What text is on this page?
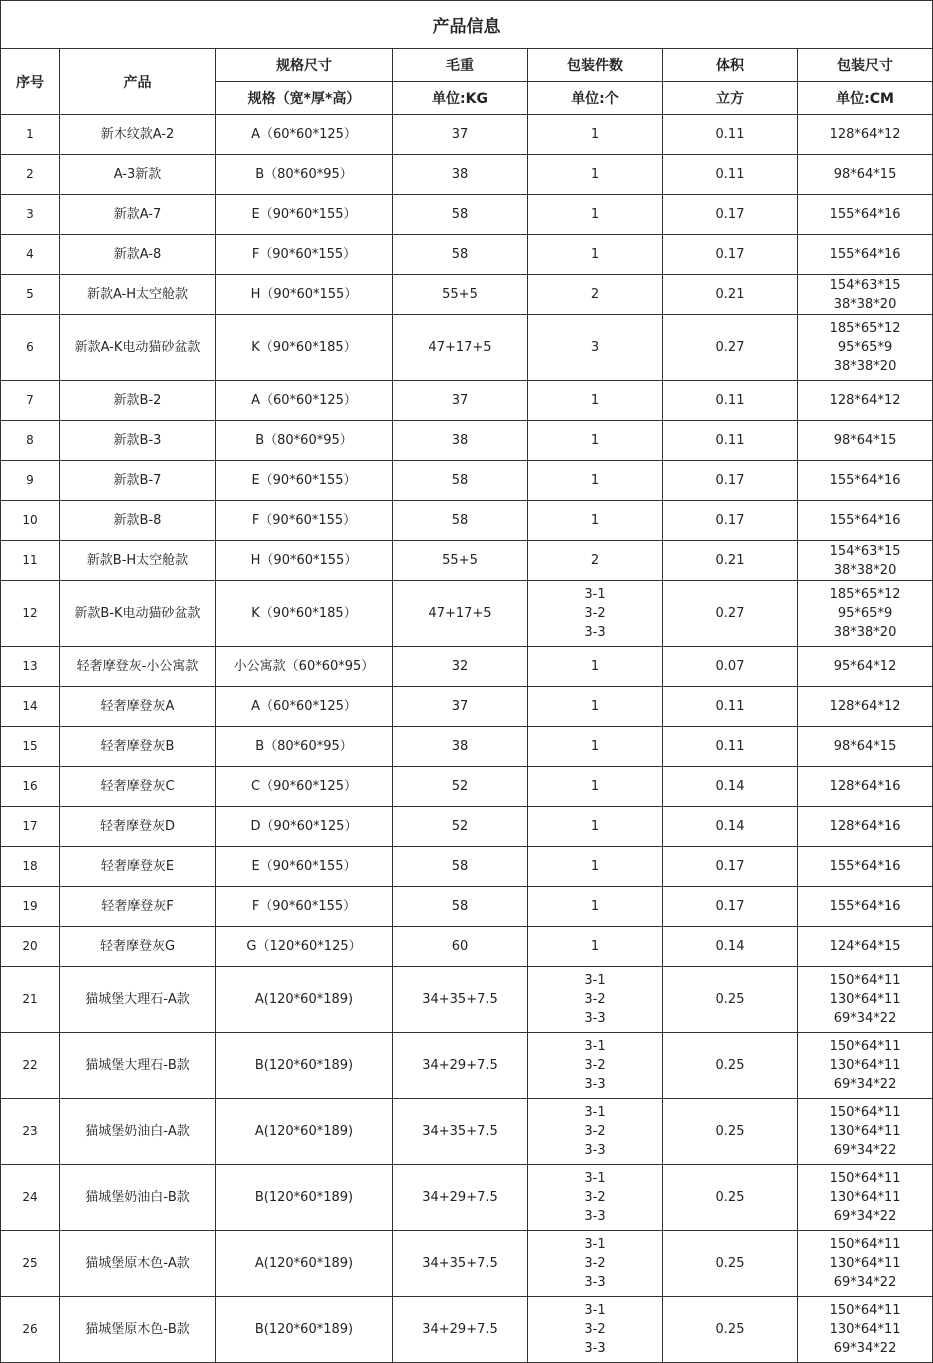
产品信息						
序号	产品	规格尺寸	毛重	包装件数	体积	包装尺寸
		规格（宽*厚*高）	单位:KG	单位:个	立方	单位:CM
1	新木纹款A-2	A（60*60*125）	37	1	0.11	128*64*12

2	A-3新款	B（80*60*95）	38	1	0.11	98*64*15

3	新款A-7	E（90*60*155）	58	1	0.17	155*64*16

4	新款A-8	F（90*60*155）	58	1	0.17	155*64*16

5	新款A-H太空舱款	H（90*60*155）	55+5	2	0.21	154*63*15
38*38*20

6	新款A-K电动猫砂盆款	K（90*60*185）	47+17+5	3	0.27	185*65*12
95*65*9
38*38*20

7	新款B-2	A（60*60*125）	37	1	0.11	128*64*12

8	新款B-3	B（80*60*95）	38	1	0.11	98*64*15

9	新款B-7	E（90*60*155）	58	1	0.17	155*64*16

10	新款B-8	F（90*60*155）	58	1	0.17	155*64*16

11	新款B-H太空舱款	H（90*60*155）	55+5	2	0.21	154*63*15
38*38*20

12	新款B-K电动猫砂盆款	K（90*60*185）	47+17+5	3-1
3-2
3-3	0.27	185*65*12
95*65*9
38*38*20

13	轻奢摩登灰-小公寓款	小公寓款（60*60*95）	32	1	0.07	95*64*12

14	轻奢摩登灰A	A（60*60*125）	37	1	0.11	128*64*12

15	轻奢摩登灰B	B（80*60*95）	38	1	0.11	98*64*15

16	轻奢摩登灰C	C（90*60*125）	52	1	0.14	128*64*16

17	轻奢摩登灰D	D（90*60*125）	52	1	0.14	128*64*16

18	轻奢摩登灰E	E（90*60*155）	58	1	0.17	155*64*16

19	轻奢摩登灰F	F（90*60*155）	58	1	0.17	155*64*16

20	轻奢摩登灰G	G（120*60*125）	60	1	0.14	124*64*15

21	猫城堡大理石-A款	A(120*60*189)	34+35+7.5	3-1
3-2
3-3	0.25	150*64*11
130*64*11
69*34*22

22	猫城堡大理石-B款	B(120*60*189)	34+29+7.5	3-1
3-2
3-3	0.25	150*64*11
130*64*11
69*34*22

23	猫城堡奶油白-A款	A(120*60*189)	34+35+7.5	3-1
3-2
3-3	0.25	150*64*11
130*64*11
69*34*22

24	猫城堡奶油白-B款	B(120*60*189)	34+29+7.5	3-1
3-2
3-3	0.25	150*64*11
130*64*11
69*34*22

25	猫城堡原木色-A款	A(120*60*189)	34+35+7.5	3-1
3-2
3-3	0.25	150*64*11
130*64*11
69*34*22

26	猫城堡原木色-B款	B(120*60*189)	34+29+7.5	3-1
3-2
3-3	0.25	150*64*11
130*64*11
69*34*22
